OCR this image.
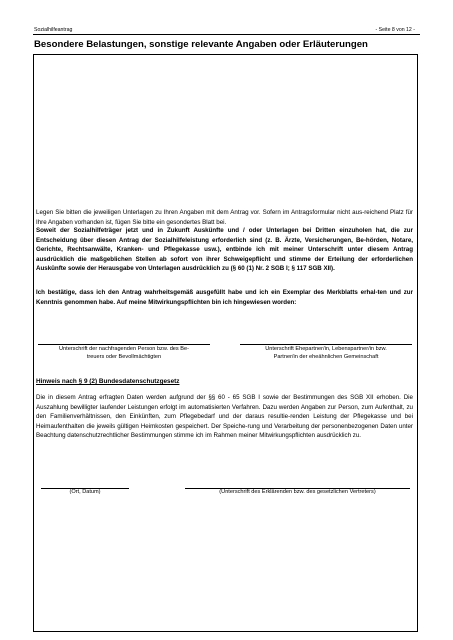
Sozialhilfeantrag	- Seite 8 von 12 -
Besondere Belastungen, sonstige relevante Angaben oder Erläuterungen

Legen Sie bitten die jeweiligen Unterlagen zu Ihren Angaben mit dem Antrag vor. Sofern im Antragsformular nicht aus-reichend Platz für Ihre Angaben vorhanden ist, fügen Sie bitte ein gesondertes Blatt bei.

Soweit der Sozialhilfeträger jetzt und in Zukunft Auskünfte und / oder Unterlagen bei Dritten einzuholen hat, die zur Entscheidung über diesen Antrag der Sozialhilfeleistung erforderlich sind (z. B. Ärzte, Versicherungen, Be-hörden, Notare, Gerichte, Rechtsanwälte, Kranken- und Pflegekasse usw.), entbinde ich mit meiner Unterschrift unter diesem Antrag ausdrücklich die maßgeblichen Stellen ab sofort von ihrer Schweigepflicht und stimme der Erteilung der erforderlichen Auskünfte sowie der Herausgabe von Unterlagen ausdrücklich zu (§ 60 (1) Nr. 2 SGB I; § 117 SGB XII).

Ich bestätige, dass ich den Antrag wahrheitsgemäß ausgefüllt habe und ich ein Exemplar des Merkblatts erhal-ten und zur Kenntnis genommen habe. Auf meine Mitwirkungspflichten bin ich hingewiesen worden:

Unterschrift der nachfragenden Person bzw. des Be-
treuers oder Bevollmächtigten
Unterschrift Ehepartner/in, Lebenspartner/in bzw.
Partner/in der eheähnlichen Gemeinschaft
Hinweis nach § 9 (2) Bundesdatenschutzgesetz

Die in diesem Antrag erfragten Daten werden aufgrund der §§ 60 - 65 SGB I sowie der Bestimmungen des SGB XII erhoben. Die Auszahlung bewilligter laufender Leistungen erfolgt im automatisierten Verfahren. Dazu werden Angaben zur Person, zum Aufenthalt, zu den Familienverhältnissen, den Einkünften, zum Pflegebedarf und der daraus resultie-renden Leistung der Pflegekasse und bei Heimaufenthalten die jeweils gültigen Heimkosten gespeichert. Der Speiche-rung und Verarbeitung der personenbezogenen Daten unter Beachtung datenschutzrechtlicher Bestimmungen stimme ich im Rahmen meiner Mitwirkungspflichten ausdrücklich zu.

(Ort, Datum)	(Unterschrift des Erklärenden bzw. des gesetzlichen Vertreters)
